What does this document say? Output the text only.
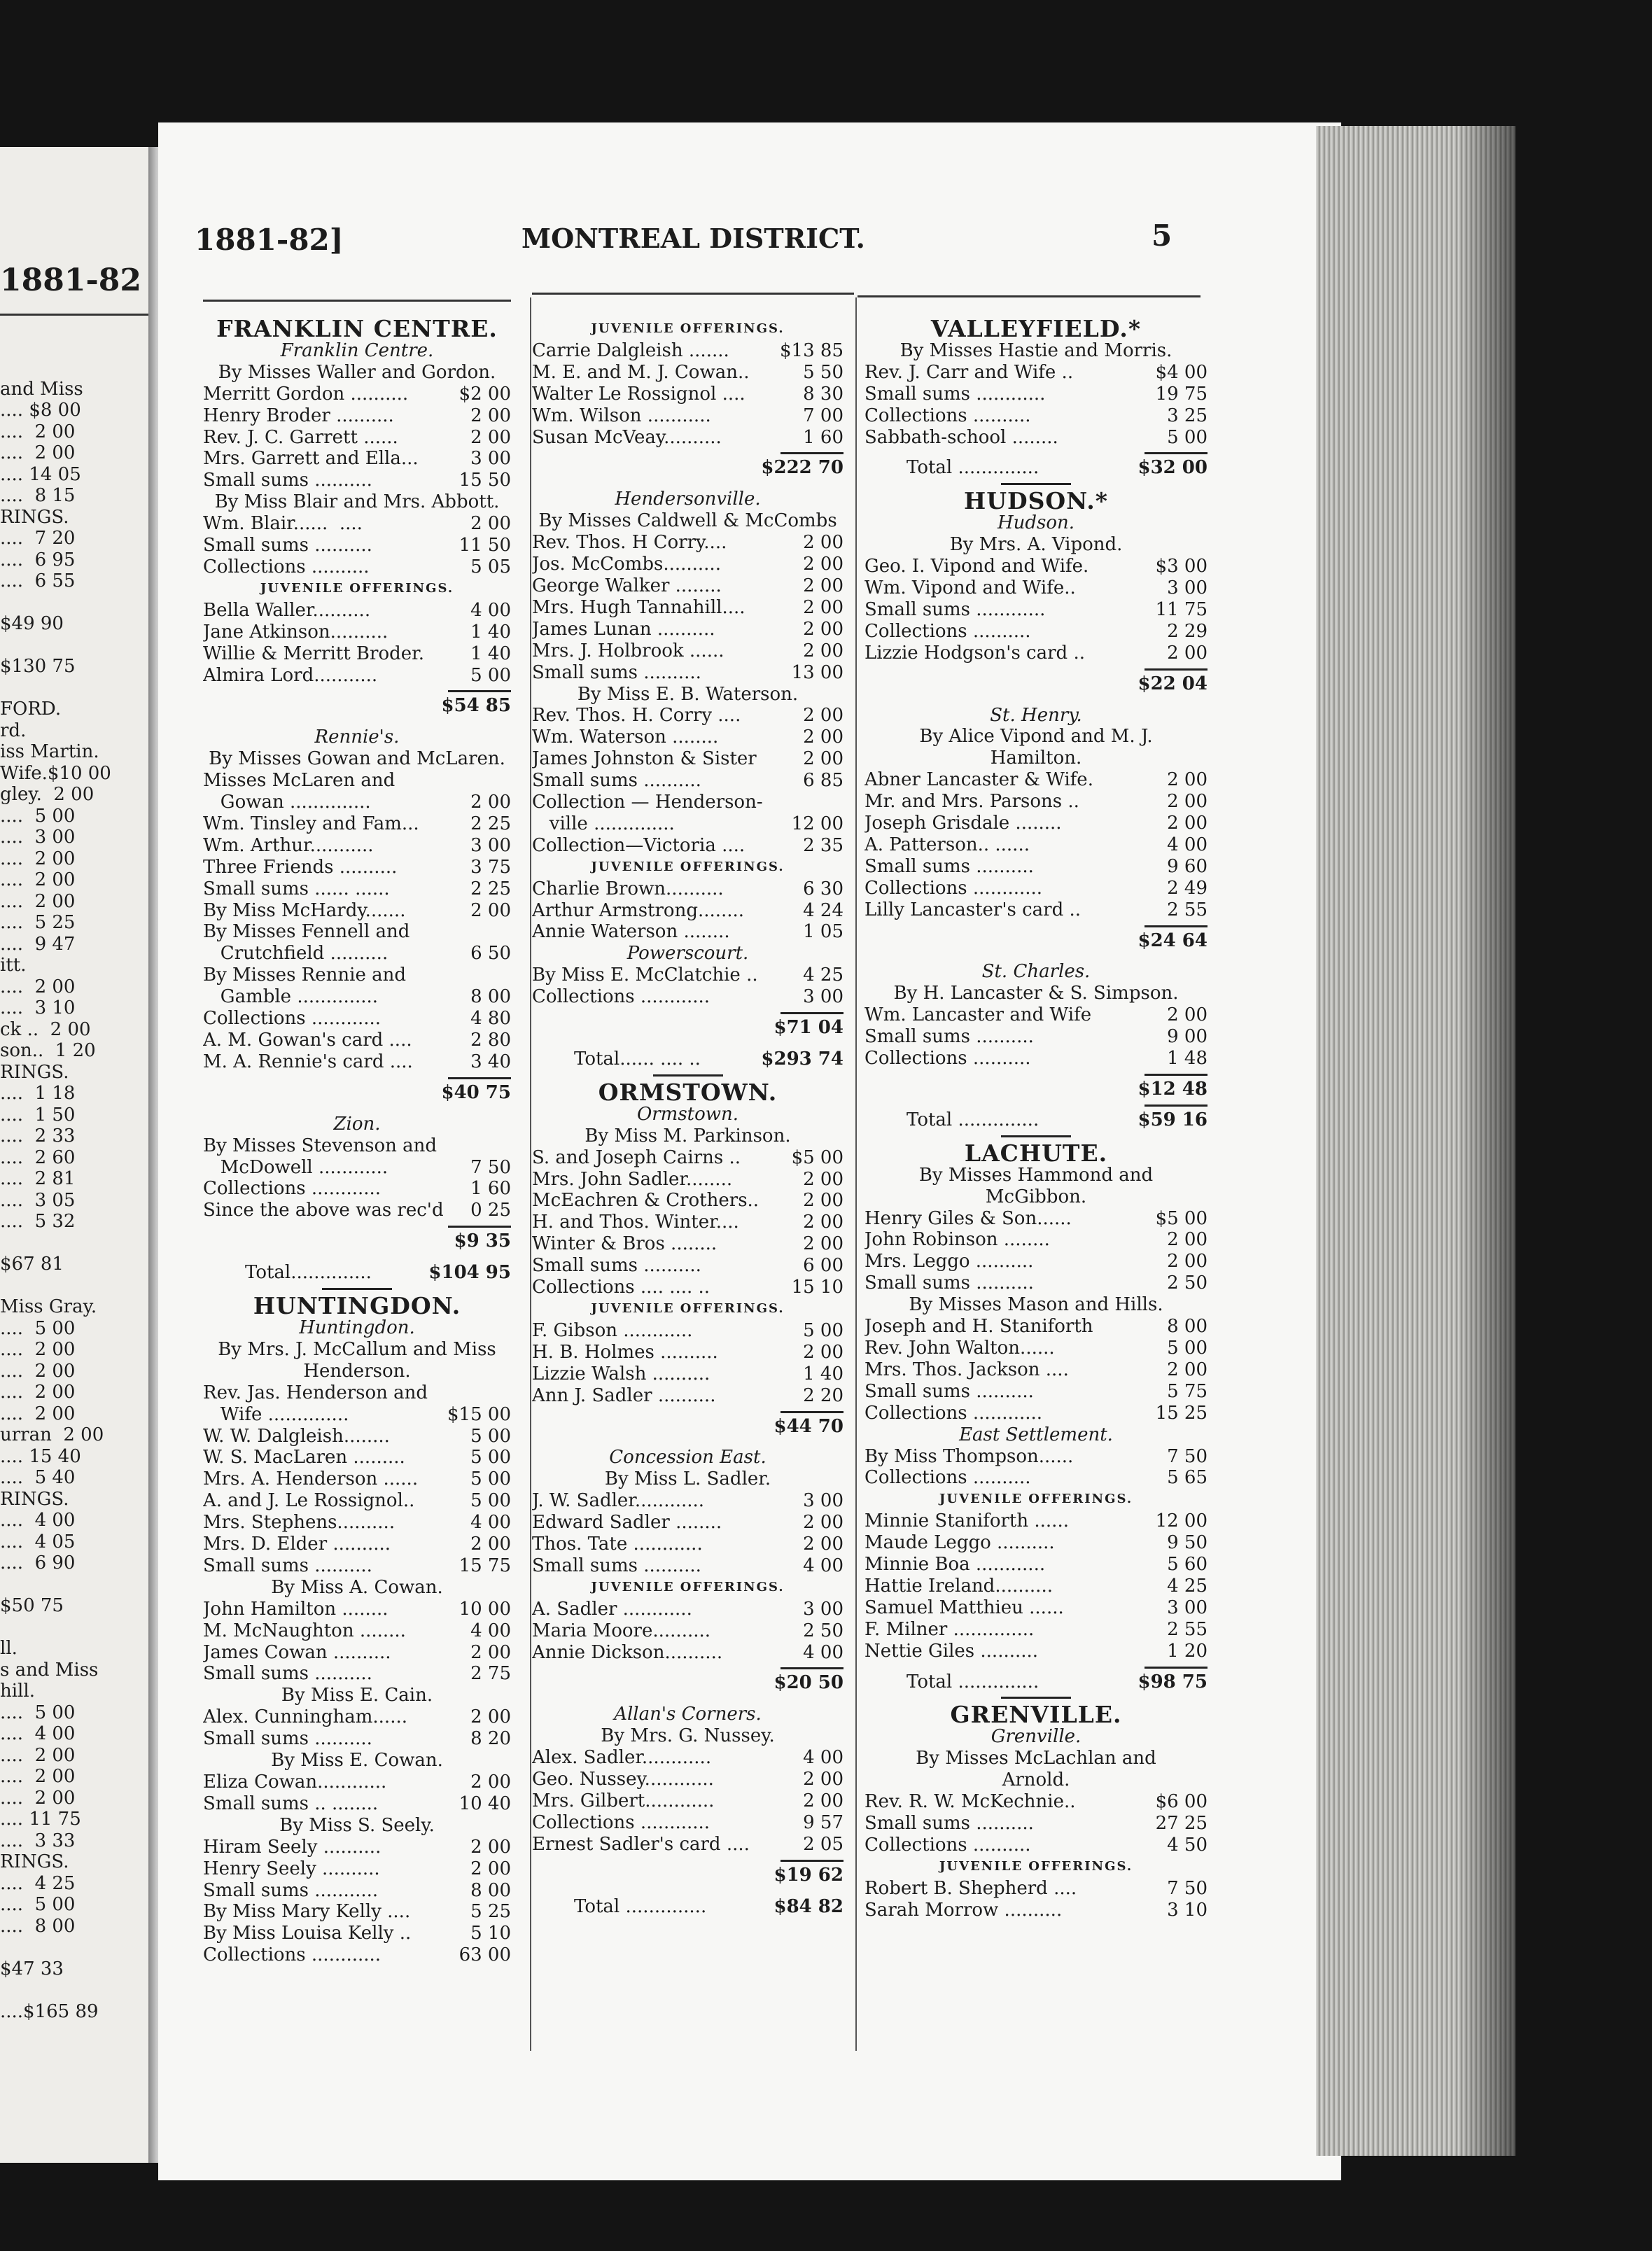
1881-82
and Miss
.... $8 00
....  2 00
....  2 00
.... 14 05
....  8 15
RINGS.
....  7 20
....  6 95
....  6 55
$49 90
$130 75
FORD.
rd.
iss Martin.
Wife.$10 00
gley.  2 00
....  5 00
....  3 00
....  2 00
....  2 00
....  2 00
....  5 25
....  9 47
itt.
....  2 00
....  3 10
ck ..  2 00
son..  1 20
RINGS.
....  1 18
....  1 50
....  2 33
....  2 60
....  2 81
....  3 05
....  5 32
$67 81
Miss Gray.
....  5 00
....  2 00
....  2 00
....  2 00
....  2 00
urran  2 00
.... 15 40
....  5 40
RINGS.
....  4 00
....  4 05
....  6 90
$50 75
ll.
s and Miss
hill.
....  5 00
....  4 00
....  2 00
....  2 00
....  2 00
.... 11 75
....  3 33
RINGS.
....  4 25
....  5 00
....  8 00
$47 33
....$165 89
1881-82]	MONTREAL DISTRICT.	5
FRANKLIN CENTRE.
Franklin Centre.
By Misses Waller and Gordon.
Merritt Gordon ..........	$2 00
Henry Broder ..........	2 00
Rev. J. C. Garrett ......	2 00
Mrs. Garrett and Ella...	3 00
Small sums ..........	15 50
By Miss Blair and Mrs. Abbott.
Wm. Blair......  ....	2 00
Small sums ..........	11 50
Collections ..........	5 05
JUVENILE OFFERINGS.
Bella Waller..........	4 00
Jane Atkinson..........	1 40
Willie & Merritt Broder.	1 40
Almira Lord...........	5 00
$54 85
Rennie's.
By Misses Gowan and McLaren.
Misses McLaren and
Gowan ..............	2 00
Wm. Tinsley and Fam...	2 25
Wm. Arthur...........	3 00
Three Friends ..........	3 75
Small sums ...... ......	2 25
By Miss McHardy.......	2 00
By Misses Fennell and
Crutchfield ..........	6 50
By Misses Rennie and
Gamble ..............	8 00
Collections ............	4 80
A. M. Gowan's card ....	2 80
M. A. Rennie's card ....	3 40
$40 75
Zion.
By Misses Stevenson and
McDowell ............	7 50
Collections ............	1 60
Since the above was rec'd 0 25
$9 35
Total..............	$104 95
HUNTINGDON.
Huntingdon.
By Mrs. J. McCallum and Miss
Henderson.
Rev. Jas. Henderson and
Wife ..............	$15 00
W. W. Dalgleish........	5 00
W. S. MacLaren .........	5 00
Mrs. A. Henderson ......	5 00
A. and J. Le Rossignol..	5 00
Mrs. Stephens..........	4 00
Mrs. D. Elder ..........	2 00
Small sums ..........	15 75
By Miss A. Cowan.
John Hamilton ........	10 00
M. McNaughton ........	4 00
James Cowan ..........	2 00
Small sums ..........	2 75
By Miss E. Cain.
Alex. Cunningham......	2 00
Small sums ..........	8 20
By Miss E. Cowan.
Eliza Cowan............	2 00
Small sums .. ........	10 40
By Miss S. Seely.
Hiram Seely ..........	2 00
Henry Seely ..........	2 00
Small sums ...........	8 00
By Miss Mary Kelly ....	5 25
By Miss Louisa Kelly ..	5 10
Collections ............	63 00
JUVENILE OFFERINGS.
Carrie Dalgleish .......	$13 85
M. E. and M. J. Cowan..	5 50
Walter Le Rossignol ....	8 30
Wm. Wilson ...........	7 00
Susan McVeay..........	1 60
$222 70
Hendersonville.
By Misses Caldwell & McCombs
Rev. Thos. H Corry....	2 00
Jos. McCombs..........	2 00
George Walker ........	2 00
Mrs. Hugh Tannahill....	2 00
James Lunan ..........	2 00
Mrs. J. Holbrook ......	2 00
Small sums ..........	13 00
By Miss E. B. Waterson.
Rev. Thos. H. Corry ....	2 00
Wm. Waterson ........	2 00
James Johnston & Sister	2 00
Small sums ..........	6 85
Collection — Henderson-
ville ..............	12 00
Collection—Victoria ....	2 35
JUVENILE OFFERINGS.
Charlie Brown..........	6 30
Arthur Armstrong........	4 24
Annie Waterson ........	1 05
Powerscourt.
By Miss E. McClatchie .. 4 25
Collections ............	3 00
$71 04
Total...... .... ..	$293 74
ORMSTOWN.
Ormstown.
By Miss M. Parkinson.
S. and Joseph Cairns ..	$5 00
Mrs. John Sadler........	2 00
McEachren & Crothers.. 2 00
H. and Thos. Winter....	2 00
Winter & Bros ........	2 00
Small sums ..........	6 00
Collections .... .... ..	15 10
JUVENILE OFFERINGS.
F. Gibson ............	5 00
H. B. Holmes ..........	2 00
Lizzie Walsh ..........	1 40
Ann J. Sadler ..........	2 20
$44 70
Concession East.
By Miss L. Sadler.
J. W. Sadler............	3 00
Edward Sadler ........	2 00
Thos. Tate ............	2 00
Small sums ..........	4 00
JUVENILE OFFERINGS.
A. Sadler ............	3 00
Maria Moore..........	2 50
Annie Dickson..........	4 00
$20 50
Allan's Corners.
By Mrs. G. Nussey.
Alex. Sadler............	4 00
Geo. Nussey............	2 00
Mrs. Gilbert............	2 00
Collections ............	9 57
Ernest Sadler's card ....	2 05
$19 62
Total ..............	$84 82
VALLEYFIELD.*
By Misses Hastie and Morris.
Rev. J. Carr and Wife ..	$4 00
Small sums ............	19 75
Collections ..........	3 25
Sabbath-school ........	5 00
Total ..............	$32 00
HUDSON.*
Hudson.
By Mrs. A. Vipond.
Geo. I. Vipond and Wife.	$3 00
Wm. Vipond and Wife..	3 00
Small sums ............	11 75
Collections ..........	2 29
Lizzie Hodgson's card ..	2 00
$22 04
St. Henry.
By Alice Vipond and M. J.
Hamilton.
Abner Lancaster & Wife.	2 00
Mr. and Mrs. Parsons ..	2 00
Joseph Grisdale ........	2 00
A. Patterson.. ......	4 00
Small sums ..........	9 60
Collections ............	2 49
Lilly Lancaster's card ..	2 55
$24 64
St. Charles.
By H. Lancaster & S. Simpson.
Wm. Lancaster and Wife	2 00
Small sums ..........	9 00
Collections ..........	1 48
$12 48
Total ..............	$59 16
LACHUTE.
By Misses Hammond and
McGibbon.
Henry Giles & Son......	$5 00
John Robinson ........	2 00
Mrs. Leggo ..........	2 00
Small sums ..........	2 50
By Misses Mason and Hills.
Joseph and H. Staniforth	8 00
Rev. John Walton......	5 00
Mrs. Thos. Jackson ....	2 00
Small sums ..........	5 75
Collections ............	15 25
East Settlement.
By Miss Thompson......	7 50
Collections ..........	5 65
JUVENILE OFFERINGS.
Minnie Staniforth ......	12 00
Maude Leggo ..........	9 50
Minnie Boa ............	5 60
Hattie Ireland..........	4 25
Samuel Matthieu ......	3 00
F. Milner ..............	2 55
Nettie Giles ..........	1 20
Total ..............	$98 75
GRENVILLE.
Grenville.
By Misses McLachlan and
Arnold.
Rev. R. W. McKechnie..	$6 00
Small sums ..........	27 25
Collections ..........	4 50
JUVENILE OFFERINGS.
Robert B. Shepherd ....	7 50
Sarah Morrow ..........	3 10
